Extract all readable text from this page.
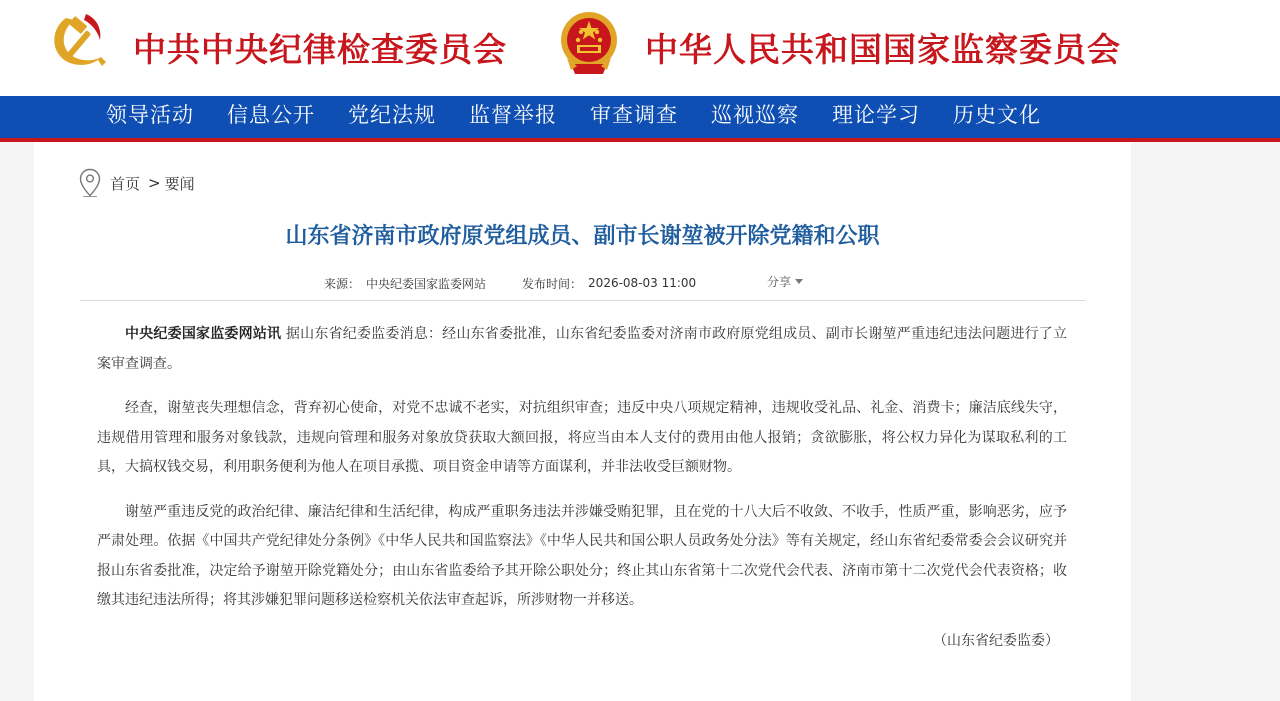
中共中央纪律检查委员会	中华人民共和国国家监察委员会
领导活动 信息公开 党纪法规 监督举报 审查调查 巡视巡察 理论学习 历史文化
首页 > 要闻
山东省济南市政府原党组成员、副市长谢堃被开除党籍和公职
来源： 中央纪委国家监委网站	发布时间： 2026-08-03 11:00	分享

中央纪委国家监委网站讯 据山东省纪委监委消息：经山东省委批准，山东省纪委监委对济南市政府原党组成员、副市长谢堃严重违纪违法问题进行了立案审查调查。

经查，谢堃丧失理想信念，背弃初心使命，对党不忠诚不老实，对抗组织审查；违反中央八项规定精神，违规收受礼品、礼金、消费卡；廉洁底线失守，违规借用管理和服务对象钱款，违规向管理和服务对象放贷获取大额回报，将应当由本人支付的费用由他人报销；贪欲膨胀，将公权力异化为谋取私利的工具，大搞权钱交易，利用职务便利为他人在项目承揽、项目资金申请等方面谋利，并非法收受巨额财物。

谢堃严重违反党的政治纪律、廉洁纪律和生活纪律，构成严重职务违法并涉嫌受贿犯罪，且在党的十八大后不收敛、不收手，性质严重，影响恶劣，应予严肃处理。依据《中国共产党纪律处分条例》《中华人民共和国监察法》《中华人民共和国公职人员政务处分法》等有关规定，经山东省纪委常委会会议研究并报山东省委批准，决定给予谢堃开除党籍处分；由山东省监委给予其开除公职处分；终止其山东省第十二次党代会代表、济南市第十二次党代会代表资格；收缴其违纪违法所得；将其涉嫌犯罪问题移送检察机关依法审查起诉，所涉财物一并移送。

（山东省纪委监委）
